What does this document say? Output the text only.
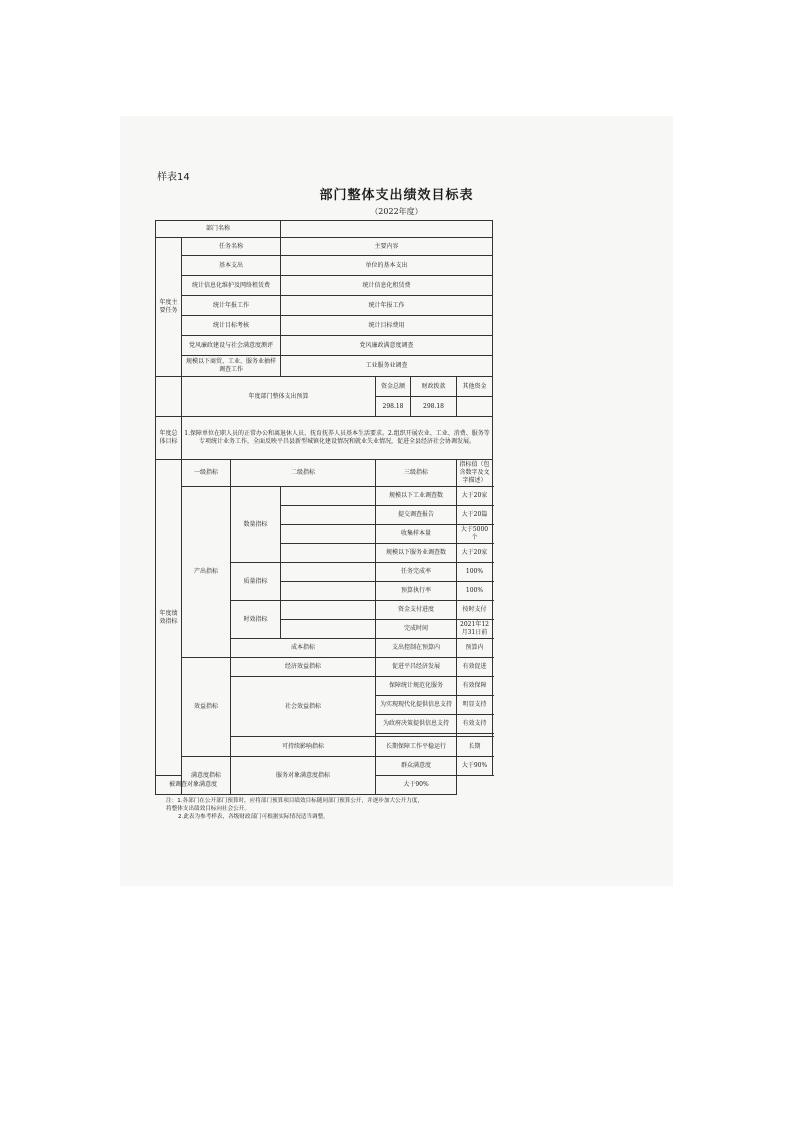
样表14
部门整体支出绩效目标表
（2022年度）
部门名称						
年度主要任务	任务名称		主要内容			
	基本支出		单位的基本支出			
	统计信息化维护及网络租赁费		统计信息化租赁费			
	统计年报工作		统计年报工作			
	统计目标考核		统计目标费用			
	党风廉政建设与社会满意度测评		党风廉政满意度调查			
	规模以下商贸、工业、服务业抽样调查工作		工业服务业调查			
	年度部门整体支出预算			资金总额	财政拨款	其他资金
				298.18	298.18	
年度总体目标	1.保障单位在职人员的正常办公和离退休人员、抚育抚养人员基本生活要求。2.组织开展农业、工业、消费、服务等专项统计业务工作，全面反映平昌县新型城镇化建设情况和就业失业情况，促进全县经济社会协调发展。					
年度绩效指标	一级指标	二级指标		三级指标		指标值（包含数字及文字描述）
	产出指标	数量指标		规模以下工业调查数		大于20家
				提交调查报告		大于20篇
				收集样本量		大于5000个
				规模以下服务业调查数		大于20家
		质量指标		任务完成率		100%
				预算执行率		100%
		时效指标		资金支付进度		按时支付
				完成时间		2021年12月31日前
		成本指标		支出控制在预算内		预算内
	效益指标	经济效益指标		促进平昌经济发展		有效促进
		社会效益指标		保障统计规范化服务		有效保障
				为实现现代化提供信息支持		明显支持
				为政府决策提供信息支持		有效支持

		可持续影响指标		长期保障工作平稳运行		长期
	满意度指标	服务对象满意度指标		群众满意度		大于90%
被调查对象满意度				大于90%		
注：1.各部门在公开部门预算时，应将部门预算项目绩效目标随同部门预算公开，并逐步加大公开力度，
将整体支出绩效目标向社会公开。
2.此表为参考样表，各级财政部门可根据实际情况适当调整。
